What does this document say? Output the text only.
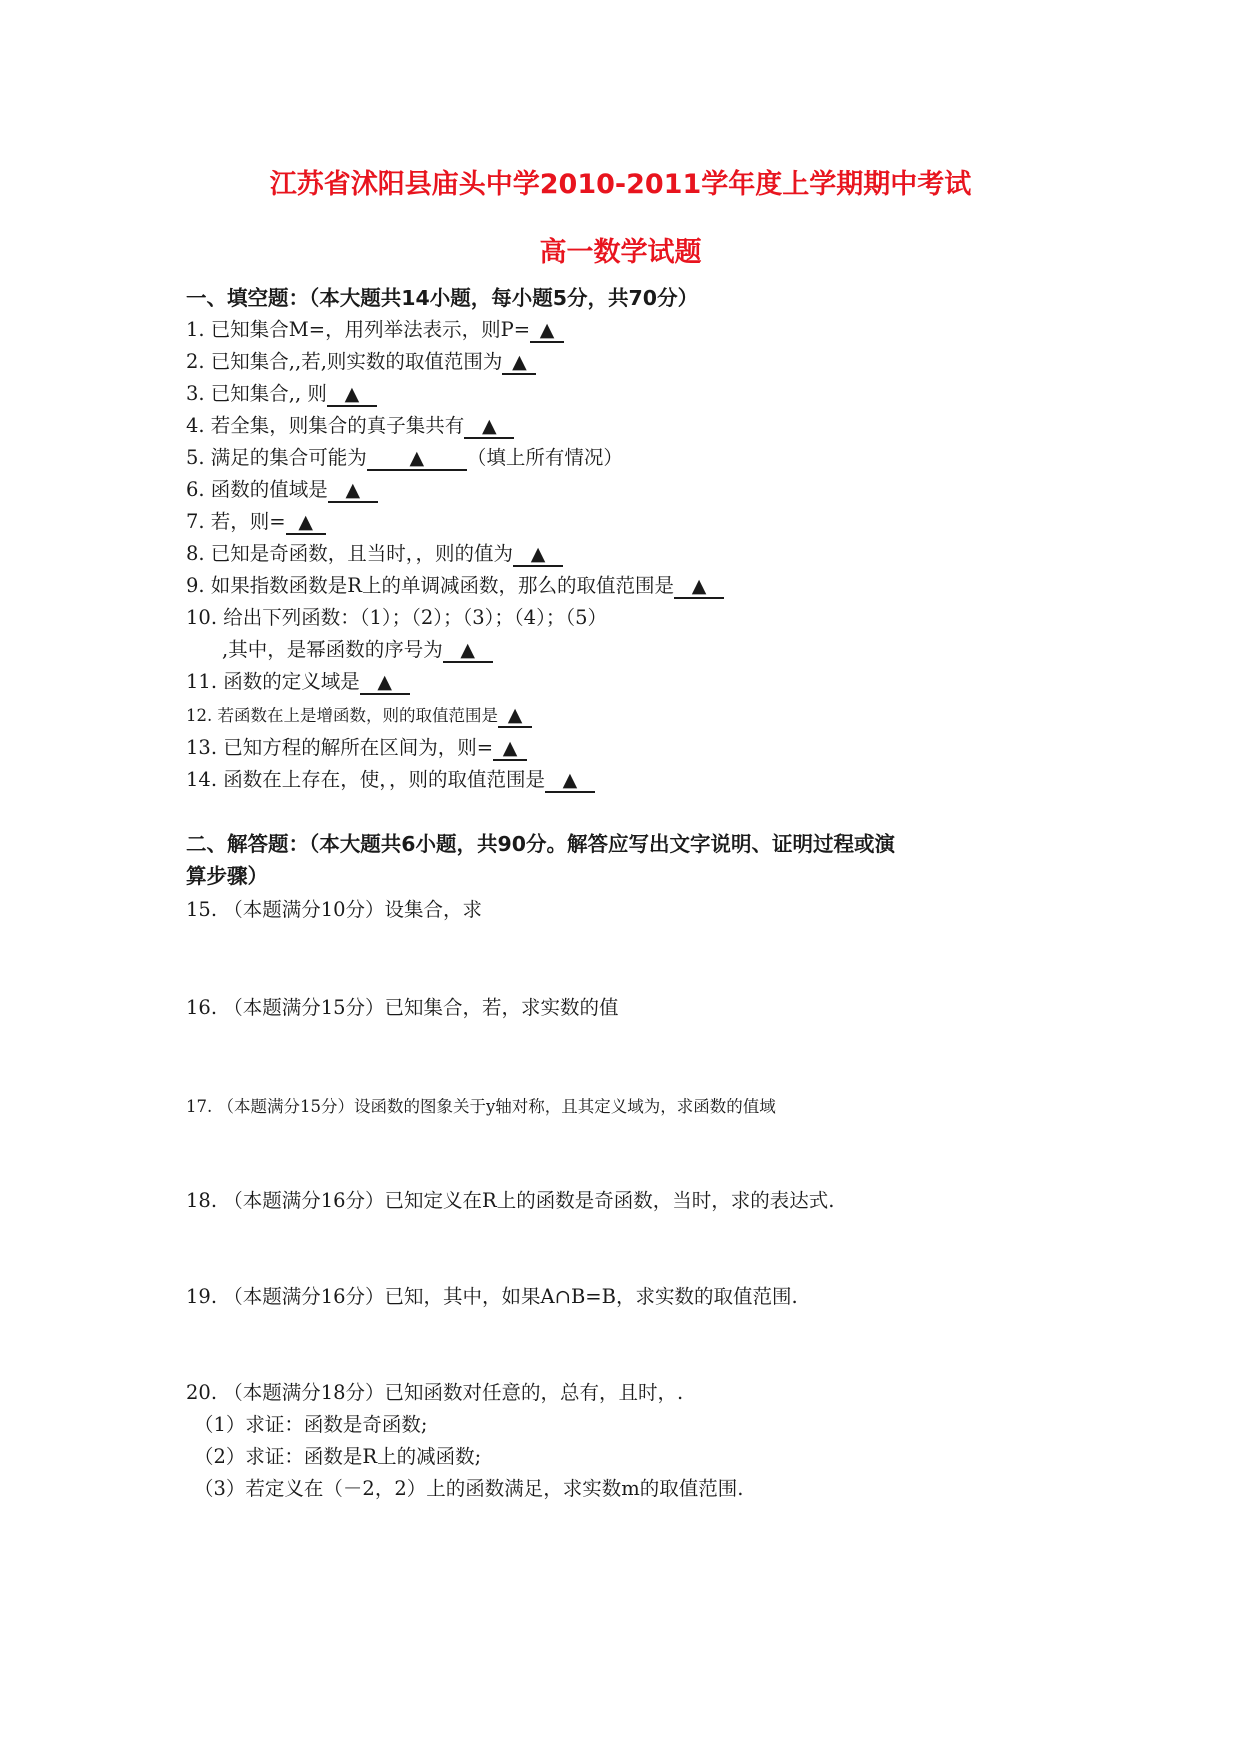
江苏省沭阳县庙头中学2010-2011学年度上学期期中考试
高一数学试题
一、填空题：（本大题共14小题，每小题5分，共70分）
1. 已知集合M=，用列举法表示，则P= ▲
2. 已知集合,,若,则实数的取值范围为 ▲
3. 已知集合,, 则 ▲
4. 若全集，则集合的真子集共有 ▲
5. 满足的集合可能为 ▲ （填上所有情况）
6. 函数的值域是 ▲
7. 若，则= ▲
8. 已知是奇函数，且当时，，则的值为 ▲
9. 如果指数函数是R上的单调减函数，那么的取值范围是 ▲
10. 给出下列函数：（1）；（2）；（3）；（4）；（5）
,其中，是幂函数的序号为 ▲
11. 函数的定义域是 ▲
12. 若函数在上是增函数，则的取值范围是 ▲
13. 已知方程的解所在区间为，则= ▲
14. 函数在上存在，使，，则的取值范围是 ▲
二、解答题：（本大题共6小题，共90分。解答应写出文字说明、证明过程或演
算步骤）
15. （本题满分10分）设集合，求
16. （本题满分15分）已知集合，若，求实数的值
17. （本题满分15分）设函数的图象关于y轴对称，且其定义域为，求函数的值域
18. （本题满分16分）已知定义在R上的函数是奇函数，当时，求的表达式.
19. （本题满分16分）已知，其中，如果A∩B=B，求实数的取值范围.
20. （本题满分18分）已知函数对任意的，总有，且时，.
（1）求证：函数是奇函数;
（2）求证：函数是R上的减函数;
（3）若定义在（－2，2）上的函数满足，求实数m的取值范围.
